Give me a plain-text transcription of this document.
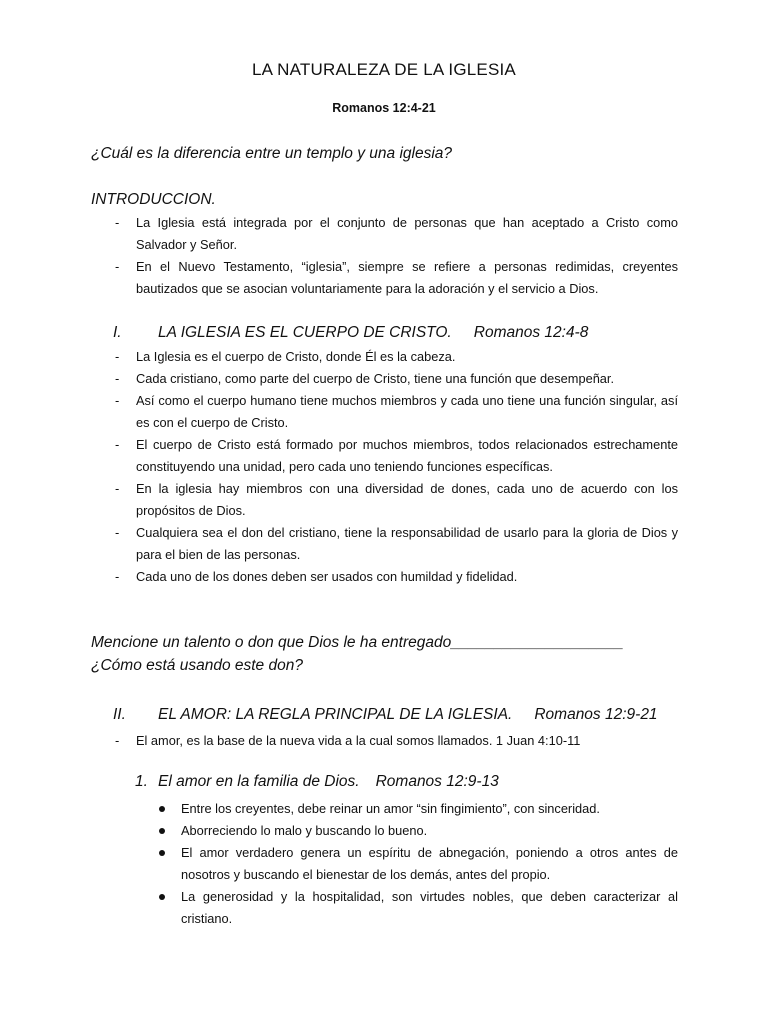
LA NATURALEZA DE LA IGLESIA
Romanos 12:4-21
¿Cuál es la diferencia entre un templo y una iglesia?
INTRODUCCION.
- La Iglesia está integrada por el conjunto de personas que han aceptado a Cristo como Salvador y Señor.
- En el Nuevo Testamento, “iglesia”, siempre se refiere a personas redimidas, creyentes bautizados que se asocian voluntariamente para la adoración y el servicio a Dios.
I. LA IGLESIA ES EL CUERPO DE CRISTO. Romanos 12:4-8
- La Iglesia es el cuerpo de Cristo, donde Él es la cabeza.
- Cada cristiano, como parte del cuerpo de Cristo, tiene una función que desempeñar.
- Así como el cuerpo humano tiene muchos miembros y cada uno tiene una función singular, así es con el cuerpo de Cristo.
- El cuerpo de Cristo está formado por muchos miembros, todos relacionados estrechamente constituyendo una unidad, pero cada uno teniendo funciones específicas.
- En la iglesia hay miembros con una diversidad de dones, cada uno de acuerdo con los propósitos de Dios.
- Cualquiera sea el don del cristiano, tiene la responsabilidad de usarlo para la gloria de Dios y para el bien de las personas.
- Cada uno de los dones deben ser usados con humildad y fidelidad.
Mencione un talento o don que Dios le ha entregado____________________
¿Cómo está usando este don?
II. EL AMOR: LA REGLA PRINCIPAL DE LA IGLESIA. Romanos 12:9-21
- El amor, es la base de la nueva vida a la cual somos llamados. 1 Juan 4:10-11
1. El amor en la familia de Dios. Romanos 12:9-13
Entre los creyentes, debe reinar un amor “sin fingimiento”, con sinceridad.
Aborreciendo lo malo y buscando lo bueno.
El amor verdadero genera un espíritu de abnegación, poniendo a otros antes de nosotros y buscando el bienestar de los demás, antes del propio.
La generosidad y la hospitalidad, son virtudes nobles, que deben caracterizar al cristiano.
